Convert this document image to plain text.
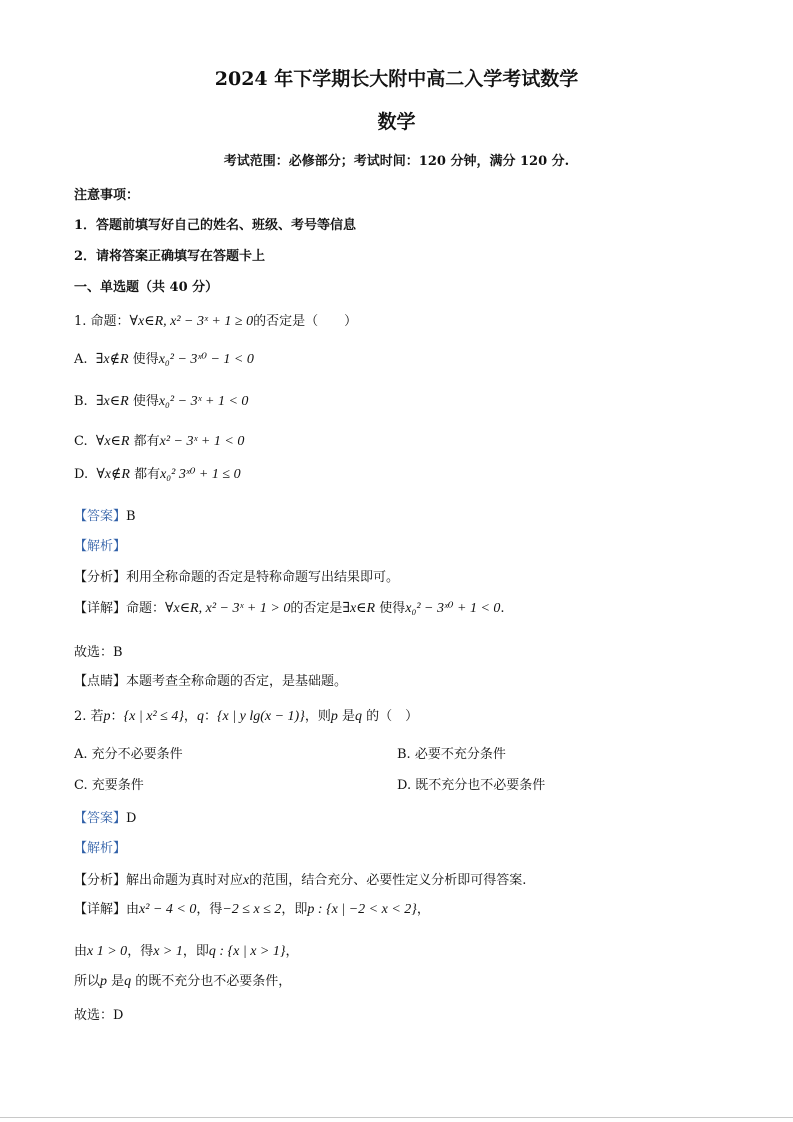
2024 年下学期长大附中高二入学考试数学
数学
考试范围：必修部分；考试时间：120 分钟，满分 120 分.
注意事项：
1．答题前填写好自己的姓名、班级、考号等信息
2．请将答案正确填写在答题卡上
一、单选题（共 40 分）
1. 命题：∀x∈R, x² − 3ˣ + 1 ≥ 0的否定是（　　）
A. ∃x∉R 使得x₀² − 3ˣ⁰ − 1 < 0
B. ∃x∈R 使得x₀² − 3ˣ + 1 < 0
C. ∀x∈R 都有x² − 3ˣ + 1 < 0
D. ∀x∉R 都有x₀² 3ˣ⁰ + 1 ≤ 0
【答案】B
【解析】
【分析】利用全称命题的否定是特称命题写出结果即可。
【详解】命题：∀x∈R, x² − 3ˣ + 1 > 0的否定是∃x∈R 使得x₀² − 3ˣ⁰ + 1 < 0.
故选：B
【点睛】本题考查全称命题的否定，是基础题。
2. 若p：{x | x² ≤ 4}，q：{x | y lg(x − 1)}，则p 是q 的（　）
A. 充分不必要条件	B. 必要不充分条件
C. 充要条件	D. 既不充分也不必要条件
【答案】D
【解析】
【分析】解出命题为真时对应x的范围，结合充分、必要性定义分析即可得答案.
【详解】由x² − 4 < 0，得−2 ≤ x ≤ 2，即p : {x | −2 < x < 2}，
由x 1 > 0，得x > 1，即q : {x | x > 1}，
所以p 是q 的既不充分也不必要条件，
故选：D
